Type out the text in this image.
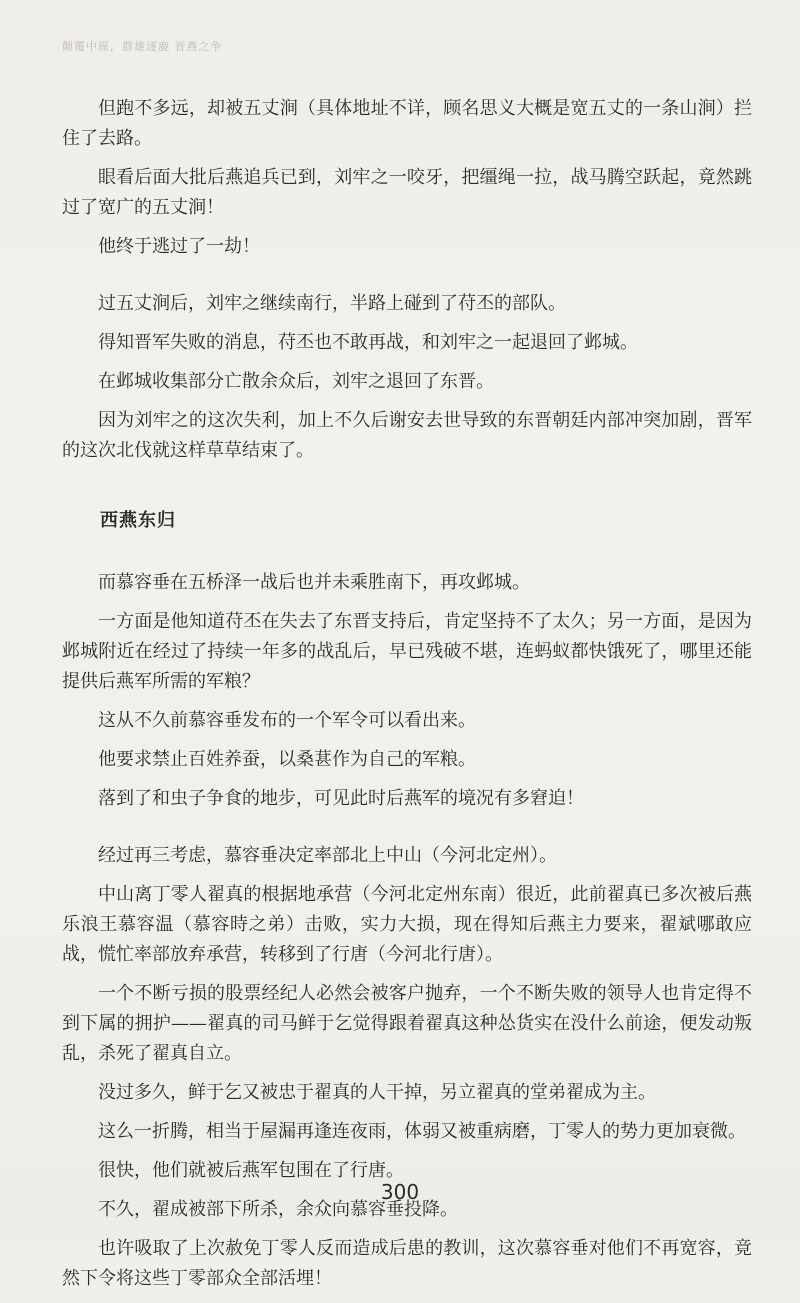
颠覆中原，群雄逐鹿 晋燕之争

但跑不多远，却被五丈涧（具体地址不详，顾名思义大概是宽五丈的一条山涧）拦住了去路。

眼看后面大批后燕追兵已到，刘牢之一咬牙，把缰绳一拉，战马腾空跃起，竟然跳过了宽广的五丈涧！

他终于逃过了一劫！

过五丈涧后，刘牢之继续南行，半路上碰到了苻丕的部队。

得知晋军失败的消息，苻丕也不敢再战，和刘牢之一起退回了邺城。

在邺城收集部分亡散余众后，刘牢之退回了东晋。

因为刘牢之的这次失利，加上不久后谢安去世导致的东晋朝廷内部冲突加剧，晋军的这次北伐就这样草草结束了。

西燕东归

而慕容垂在五桥泽一战后也并未乘胜南下，再攻邺城。

一方面是他知道苻丕在失去了东晋支持后，肯定坚持不了太久；另一方面，是因为邺城附近在经过了持续一年多的战乱后，早已残破不堪，连蚂蚁都快饿死了，哪里还能提供后燕军所需的军粮？

这从不久前慕容垂发布的一个军令可以看出来。

他要求禁止百姓养蚕，以桑葚作为自己的军粮。

落到了和虫子争食的地步，可见此时后燕军的境况有多窘迫！

经过再三考虑，慕容垂决定率部北上中山（今河北定州）。

中山离丁零人翟真的根据地承营（今河北定州东南）很近，此前翟真已多次被后燕乐浪王慕容温（慕容時之弟）击败，实力大损，现在得知后燕主力要来，翟斌哪敢应战，慌忙率部放弃承营，转移到了行唐（今河北行唐）。

一个不断亏损的股票经纪人必然会被客户抛弃，一个不断失败的领导人也肯定得不到下属的拥护——翟真的司马鲜于乞觉得跟着翟真这种怂货实在没什么前途，便发动叛乱，杀死了翟真自立。

没过多久，鲜于乞又被忠于翟真的人干掉，另立翟真的堂弟翟成为主。

这么一折腾，相当于屋漏再逢连夜雨，体弱又被重病磨，丁零人的势力更加衰微。

很快，他们就被后燕军包围在了行唐。

不久，翟成被部下所杀，余众向慕容垂投降。

也许吸取了上次赦免丁零人反而造成后患的教训，这次慕容垂对他们不再宽容，竟然下令将这些丁零部众全部活埋！

300
